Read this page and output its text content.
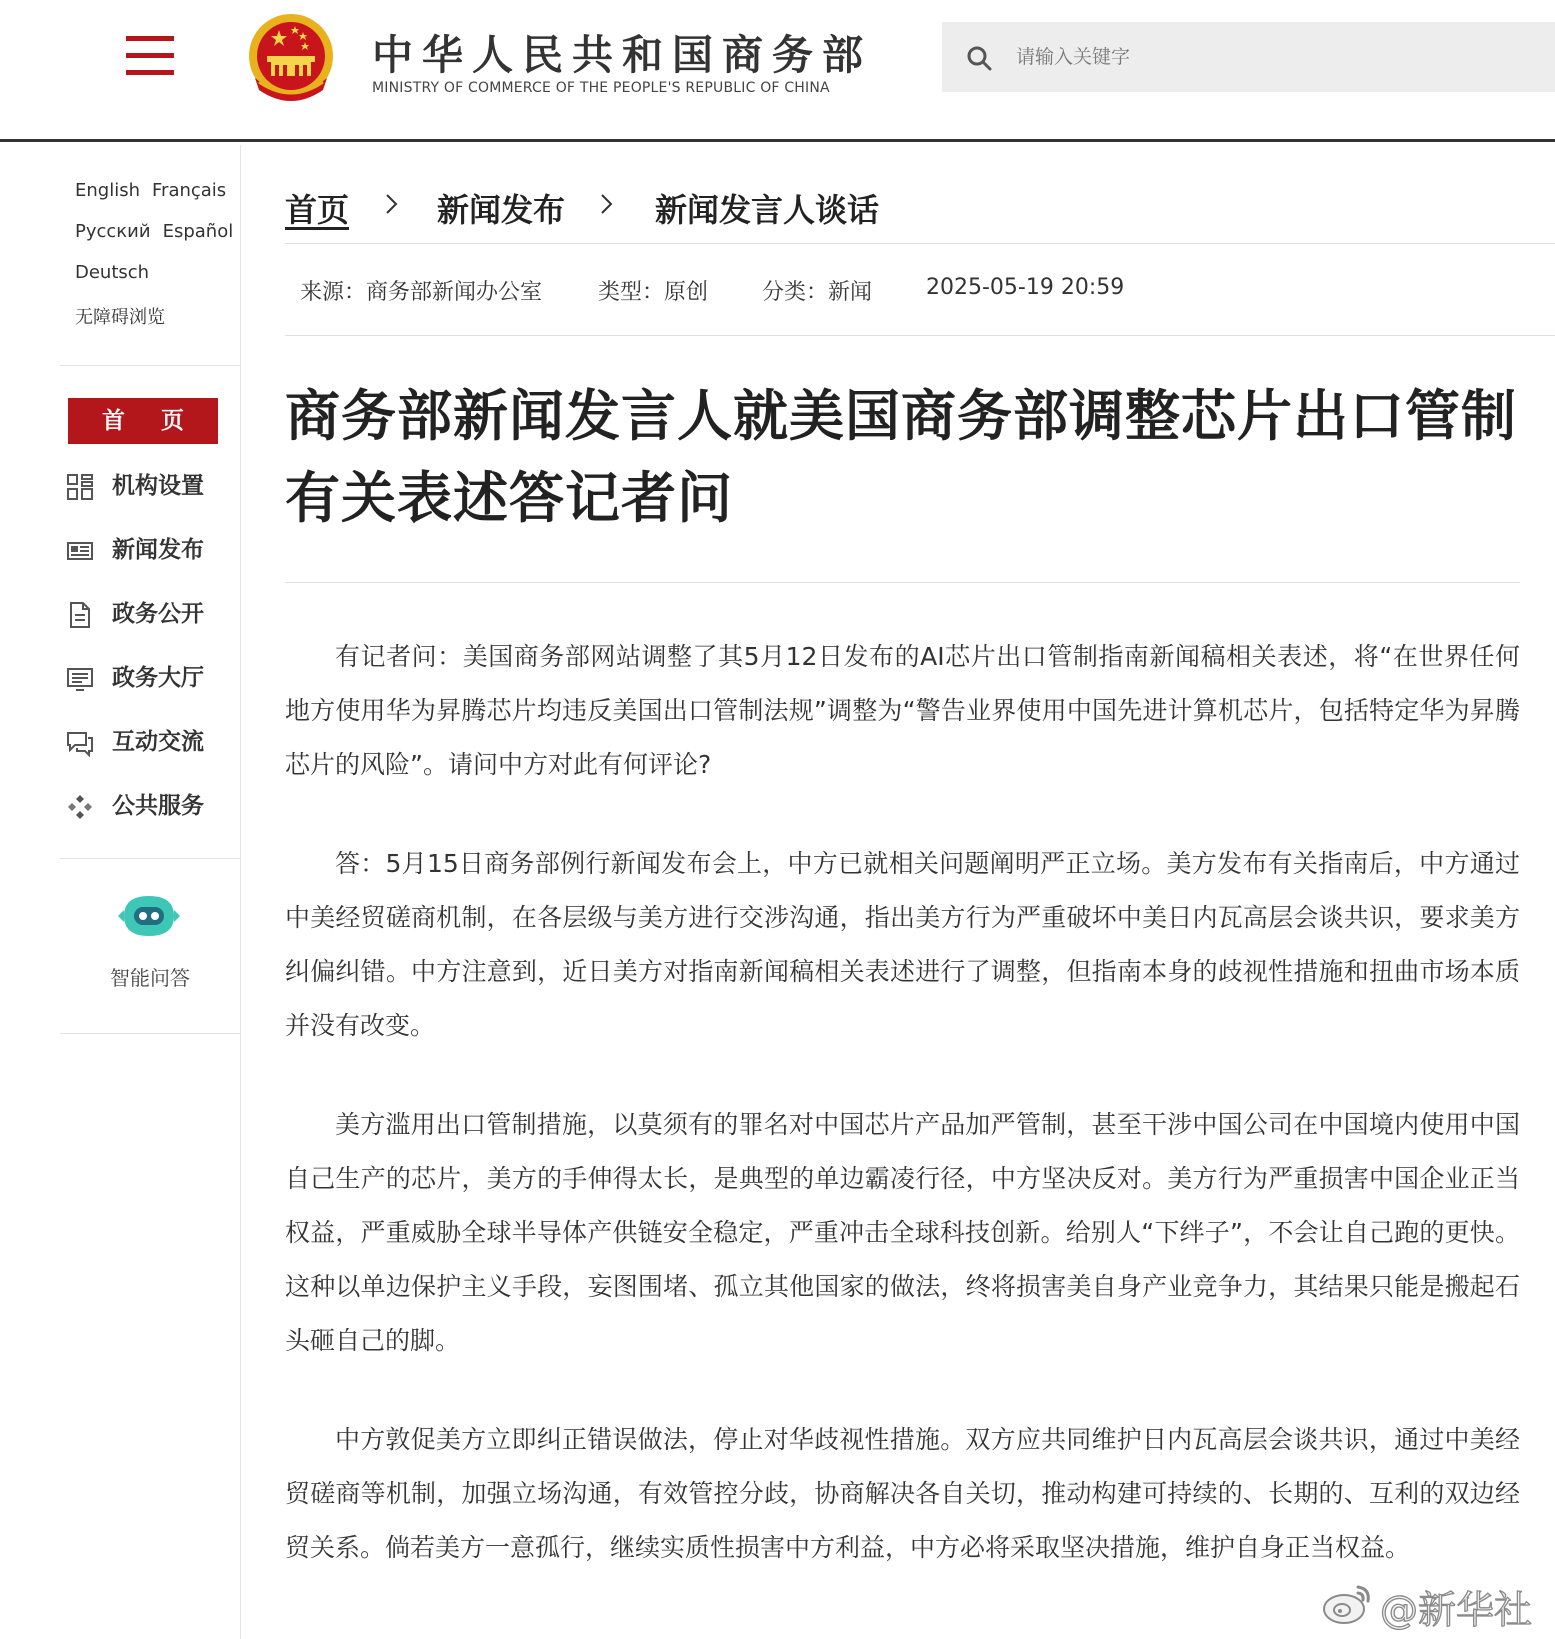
中华人民共和国商务部
MINISTRY OF COMMERCE OF THE PEOPLE'S REPUBLIC OF CHINA
请输入关键字
English Français
Русский Español
Deutsch
无障碍浏览
首 页
机构设置
新闻发布
政务公开
政务大厅
互动交流
公共服务
智能问答
首页	新闻发布	新闻发言人谈话
来源：商务部新闻办公室	类型：原创 分类：新闻 2025-05-19 20:59
商务部新闻发言人就美国商务部调整芯片出口管制有关表述答记者问

有记者问：美国商务部网站调整了其5月12日发布的AI芯片出口管制指南新闻稿相关表述，将“在世界任何地方使用华为昇腾芯片均违反美国出口管制法规”调整为“警告业界使用中国先进计算机芯片，包括特定华为昇腾芯片的风险”。请问中方对此有何评论?

答：5月15日商务部例行新闻发布会上，中方已就相关问题阐明严正立场。美方发布有关指南后，中方通过中美经贸磋商机制，在各层级与美方进行交涉沟通，指出美方行为严重破坏中美日内瓦高层会谈共识，要求美方纠偏纠错。中方注意到，近日美方对指南新闻稿相关表述进行了调整，但指南本身的歧视性措施和扭曲市场本质并没有改变。

美方滥用出口管制措施，以莫须有的罪名对中国芯片产品加严管制，甚至干涉中国公司在中国境内使用中国自己生产的芯片，美方的手伸得太长，是典型的单边霸凌行径，中方坚决反对。美方行为严重损害中国企业正当权益，严重威胁全球半导体产供链安全稳定，严重冲击全球科技创新。给别人“下绊子”，不会让自己跑的更快。这种以单边保护主义手段，妄图围堵、孤立其他国家的做法，终将损害美自身产业竞争力，其结果只能是搬起石头砸自己的脚。

中方敦促美方立即纠正错误做法，停止对华歧视性措施。双方应共同维护日内瓦高层会谈共识，通过中美经贸磋商等机制，加强立场沟通，有效管控分歧，协商解决各自关切，推动构建可持续的、长期的、互利的双边经贸关系。倘若美方一意孤行，继续实质性损害中方利益，中方必将采取坚决措施，维护自身正当权益。

@新华社
